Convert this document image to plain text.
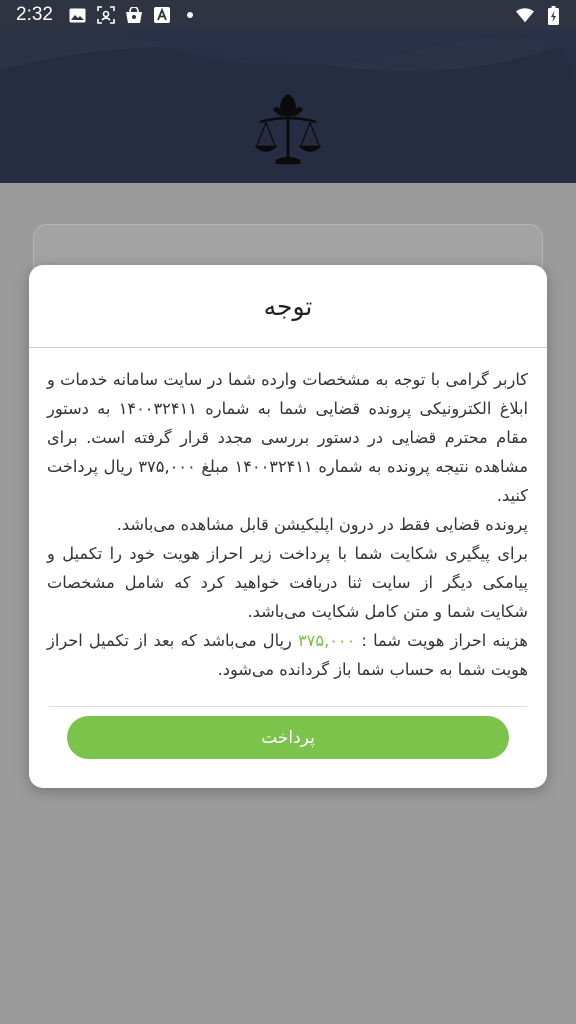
2:32
توجه

کاربر گرامی با توجه به مشخصات وارده شما در سایت سامانه خدمات و ابلاغ الکترونیکی پرونده قضایی شما به شماره ۱۴۰۰۳۲۴۱۱ به دستور مقام محترم قضایی در دستور بررسی مجدد قرار گرفته است. برای مشاهده نتیجه پرونده به شماره ۱۴۰۰۳۲۴۱۱ مبلغ ۳۷۵,۰۰۰ ریال پرداخت کنید.

پرونده قضایی فقط در درون اپلیکیشن قابل مشاهده می‌باشد.

برای پیگیری شکایت شما با پرداخت زیر احراز هویت خود را تکمیل و پیامکی دیگر از سایت ثنا دریافت خواهید کرد که شامل مشخصات شکایت شما و متن کامل شکایت می‌باشد.

هزینه احراز هویت شما : ۳۷۵,۰۰۰ ریال می‌باشد که بعد از تکمیل احراز هویت شما به حساب شما باز گردانده می‌شود.

پرداخت
